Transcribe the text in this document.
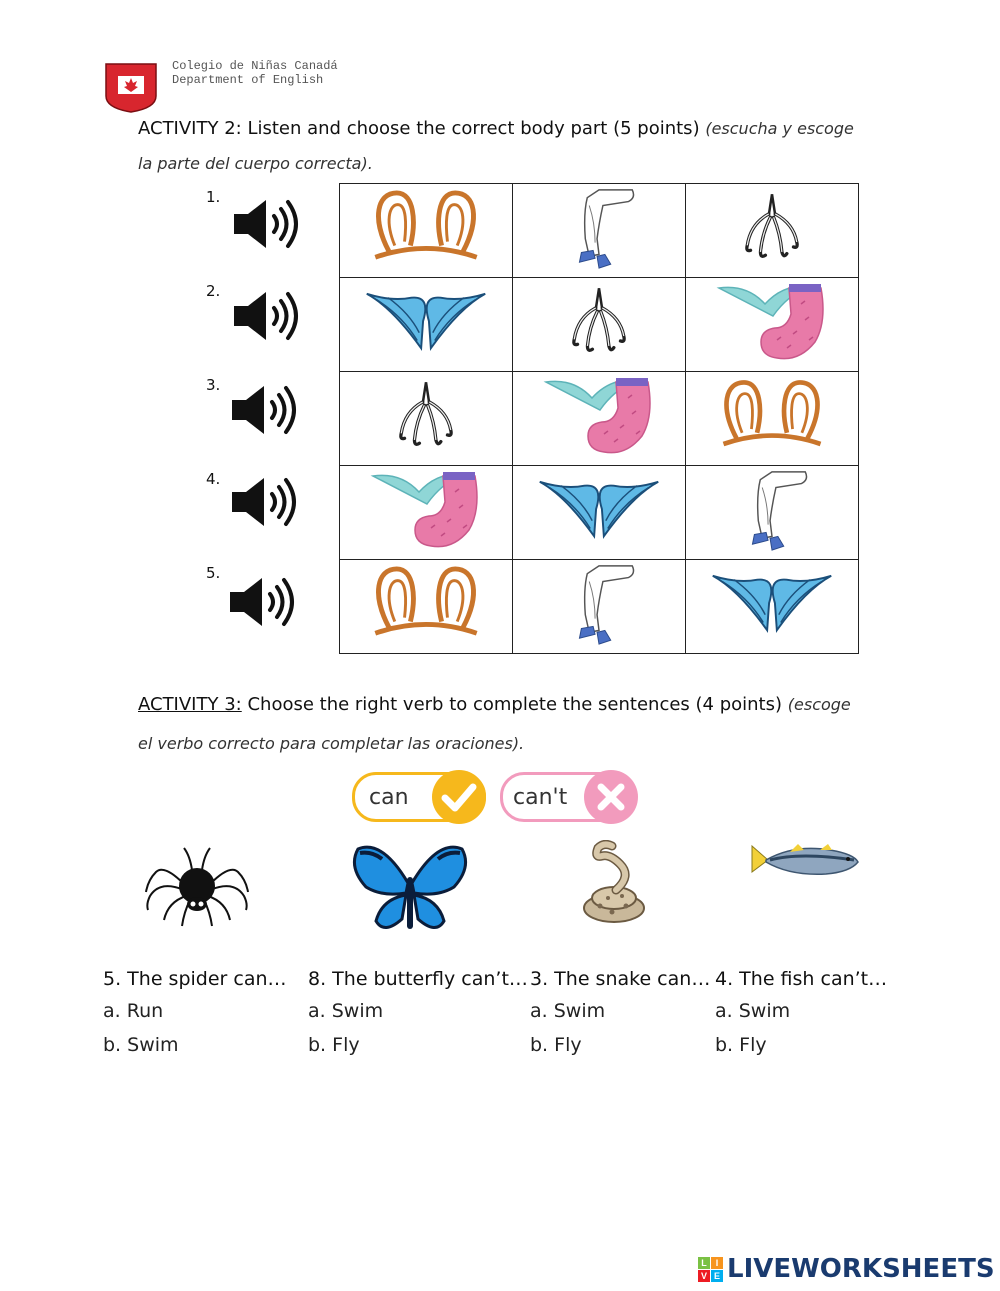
Colegio de Niñas Canadá
Department of English
ACTIVITY 2: Listen and choose the correct body part (5 points) (escucha y escoge
la parte del cuerpo correcta).
1.
2.
3.
4.
5.

ACTIVITY 3: Choose the right verb to complete the sentences (4 points) (escoge
el verbo correcto para completar las oraciones).
can	can't
5. The spider can…
a. Run
b. Swim
8. The butterfly can’t…
a. Swim
b. Fly
3. The snake can…
a. Swim
b. Fly
4. The fish can’t…
a. Swim
b. Fly
L I
V E LIVEWORKSHEETS
